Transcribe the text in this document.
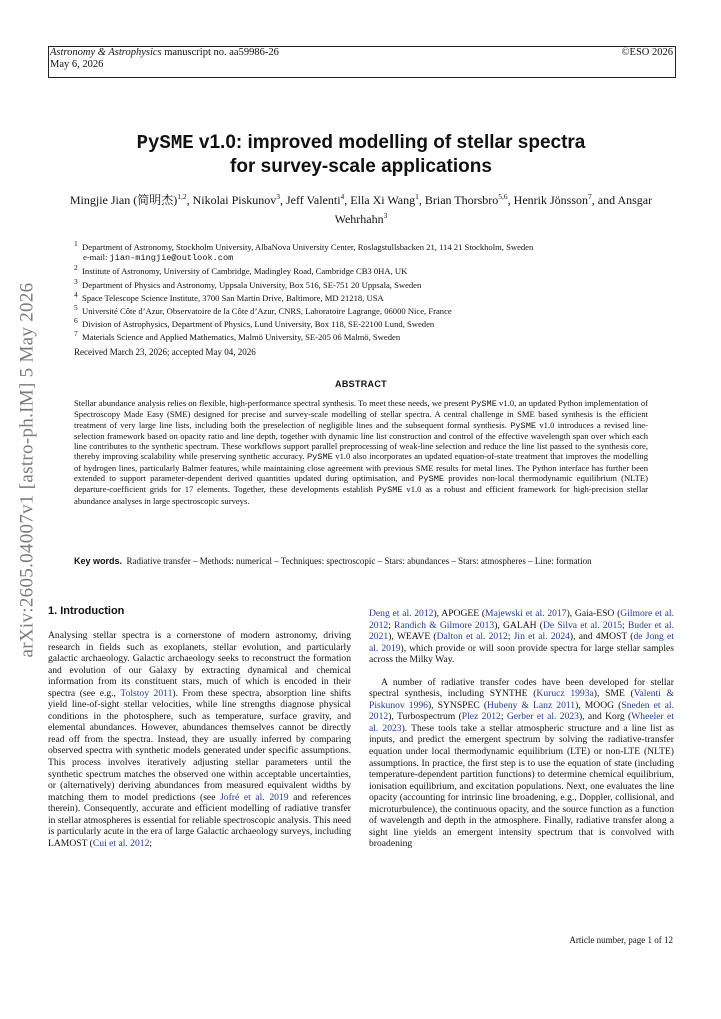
Astronomy & Astrophysics manuscript no. aa59986-26
May 6, 2026
©ESO 2026
arXiv:2605.04007v1 [astro-ph.IM] 5 May 2026
PySME v1.0: improved modelling of stellar spectra
for survey-scale applications
Mingjie Jian (简明杰)$^{1,2}$, Nikolai Piskunov$^3$, Jeff Valenti$^4$, Ella Xi Wang$^1$, Brian Thorsbro$^{5,6}$, Henrik Jönsson$^7$, and Ansgar Wehrhahn$^3$
$^1$  Department of Astronomy, Stockholm University, AlbaNova University Center, Roslagstullsbacken 21, 114 21 Stockholm, Sweden
e-mail: jian-mingjie@outlook.com
$^2$  Institute of Astronomy, University of Cambridge, Madingley Road, Cambridge CB3 0HA, UK
$^3$  Department of Physics and Astronomy, Uppsala University, Box 516, SE-751 20 Uppsala, Sweden
$^4$  Space Telescope Science Institute, 3700 San Martin Drive, Baltimore, MD 21218, USA
$^5$  Université Côte d’Azur, Observatoire de la Côte d’Azur, CNRS, Laboratoire Lagrange, 06000 Nice, France
$^6$  Division of Astrophysics, Department of Physics, Lund University, Box 118, SE-22100 Lund, Sweden
$^7$  Materials Science and Applied Mathematics, Malmö University, SE-205 06 Malmö, Sweden
Received March 23, 2026; accepted May 04, 2026
ABSTRACT
Stellar abundance analysis relies on flexible, high-performance spectral synthesis. To meet these needs, we present PySME v1.0, an updated Python implementation of Spectroscopy Made Easy (SME) designed for precise and survey-scale modelling of stellar spectra. A central challenge in SME based synthesis is the efficient treatment of very large line lists, including both the preselection of negligible lines and the subsequent formal synthesis. PySME v1.0 introduces a revised line-selection framework based on opacity ratio and line depth, together with dynamic line list construction and control of the effective wavelength span over which each line contributes to the synthetic spectrum. These workflows support parallel preprocessing of weak-line selection and reduce the line list passed to the synthesis core, thereby improving scalability while preserving synthetic accuracy. PySME v1.0 also incorporates an updated equation-of-state treatment that improves the modelling of hydrogen lines, particularly Balmer features, while maintaining close agreement with previous SME results for metal lines. The Python interface has further been extended to support parameter-dependent derived quantities updated during optimisation, and PySME provides non-local thermodynamic equilibrium (NLTE) departure-coefficient grids for 17 elements. Together, these developments establish PySME v1.0 as a robust and efficient framework for high-precision stellar abundance analyses in large spectroscopic surveys.
Key words. Radiative transfer – Methods: numerical – Techniques: spectroscopic – Stars: abundances – Stars: atmospheres – Line: formation
1. Introduction

Analysing stellar spectra is a cornerstone of modern astronomy, driving research in fields such as exoplanets, stellar evolution, and particularly galactic archaeology. Galactic archaeology seeks to reconstruct the formation and evolution of our Galaxy by extracting dynamical and chemical information from its constituent stars, much of which is encoded in their spectra (see e.g., Tolstoy 2011). From these spectra, absorption line shifts yield line-of-sight stellar velocities, while line strengths diagnose physical conditions in the photosphere, such as temperature, surface gravity, and elemental abundances. However, abundances themselves cannot be directly read off from the spectra. Instead, they are usually inferred by comparing observed spectra with synthetic models generated under specific assumptions. This process involves iteratively adjusting stellar parameters until the synthetic spectrum matches the observed one within acceptable uncertainties, or (alternatively) deriving abundances from measured equivalent widths by matching them to model predictions (see Jofré et al. 2019 and references therein). Consequently, accurate and efficient modelling of radiative transfer in stellar atmospheres is essential for reliable spectroscopic analysis. This need is particularly acute in the era of large Galactic archaeology surveys, including LAMOST (Cui et al. 2012;

Deng et al. 2012), APOGEE (Majewski et al. 2017), Gaia-ESO (Gilmore et al. 2012; Randich & Gilmore 2013), GALAH (De Silva et al. 2015; Buder et al. 2021), WEAVE (Dalton et al. 2012; Jin et al. 2024), and 4MOST (de Jong et al. 2019), which provide or will soon provide spectra for large stellar samples across the Milky Way.

A number of radiative transfer codes have been developed for stellar spectral synthesis, including SYNTHE (Kurucz 1993a), SME (Valenti & Piskunov 1996), SYNSPEC (Hubeny & Lanz 2011), MOOG (Sneden et al. 2012), Turbospectrum (Plez 2012; Gerber et al. 2023), and Korg (Wheeler et al. 2023). These tools take a stellar atmospheric structure and a line list as inputs, and predict the emergent spectrum by solving the radiative-transfer equation under local thermodynamic equilibrium (LTE) or non-LTE (NLTE) assumptions. In practice, the first step is to use the equation of state (including temperature-dependent partition functions) to determine chemical equilibrium, ionisation equilibrium, and excitation populations. Next, one evaluates the line opacity (accounting for intrinsic line broadening, e.g., Doppler, collisional, and microturbulence), the continuous opacity, and the source function as a function of wavelength and depth in the atmosphere. Finally, radiative transfer along a sight line yields an emergent intensity spectrum that is convolved with broadening

Article number, page 1 of 12
